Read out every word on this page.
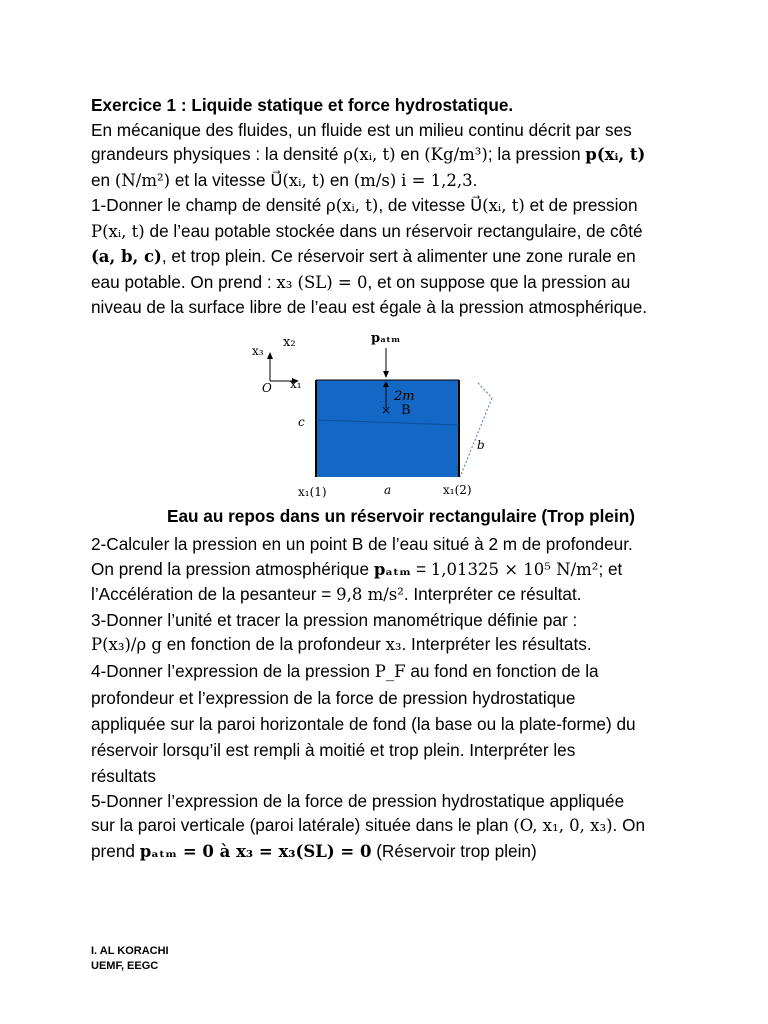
Exercice 1 : Liquide statique et force hydrostatique.

En mécanique des fluides, un fluide est un milieu continu décrit par ses

grandeurs physiques : la densité ρ(xᵢ, t) en (Kg/m³); la pression p(xᵢ, t)

en (N/m²) et la vitesse U⃗(xᵢ, t) en (m/s) i = 1,2,3.

1-Donner le champ de densité ρ(xᵢ, t), de vitesse U⃗(xᵢ, t) et de pression

P(xᵢ, t) de l’eau potable stockée dans un réservoir rectangulaire, de côté

(a, b, c), et trop plein. Ce réservoir sert à alimenter une zone rurale en

eau potable. On prend : x₃ (SL) = 0, et on suppose que la pression au

niveau de la surface libre de l’eau est égale à la pression atmosphérique.

x₂
x₃
O x₁
pₐₜₘ
2m
× B
c
b
a
x₁(1)	x₁(2)
Eau au repos dans un réservoir rectangulaire (Trop plein)

2-Calculer la pression en un point B de l’eau situé à 2 m de profondeur.

On prend la pression atmosphérique pₐₜₘ = 1,01325 × 10⁵ N/m²; et

l’Accélération de la pesanteur = 9,8 m/s². Interpréter ce résultat.

3-Donner l’unité et tracer la pression manométrique définie par :

P(x₃)/ρ g en fonction de la profondeur x₃. Interpréter les résultats.

4-Donner l’expression de la pression P_F au fond en fonction de la

profondeur et l’expression de la force de pression hydrostatique

appliquée sur la paroi horizontale de fond (la base ou la plate-forme) du

réservoir lorsqu’il est rempli à moitié et trop plein. Interpréter les

résultats

5-Donner l’expression de la force de pression hydrostatique appliquée

sur la paroi verticale (paroi latérale) située dans le plan (O, x₁, 0, x₃). On

prend pₐₜₘ = 0 à x₃ = x₃(SL) = 0 (Réservoir trop plein)

I. AL KORACHI
UEMF, EEGC
